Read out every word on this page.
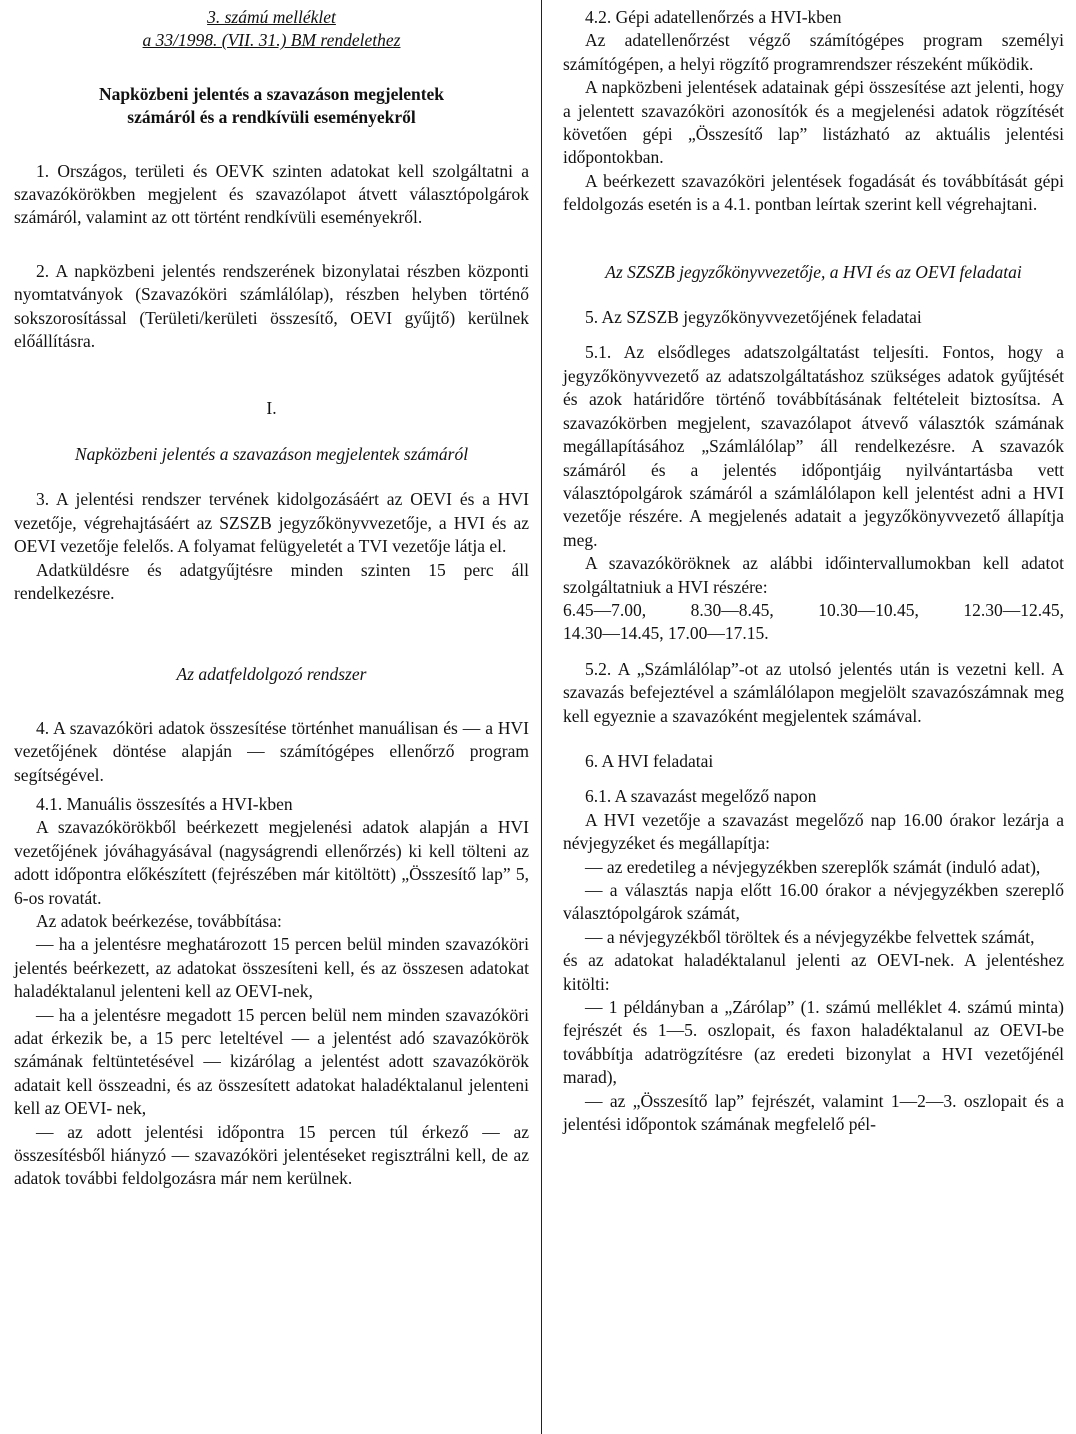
3. számú melléklet

a 33/1998. (VII. 31.) BM rendelethez

Napközbeni jelentés a szavazáson megjelentek számáról és a rendkívüli eseményekről

1. Országos, területi és OEVK szinten adatokat kell szolgáltatni a szavazókörökben megjelent és szavazólapot átvett választópolgárok számáról, valamint az ott történt rendkívüli eseményekről.

2. A napközbeni jelentés rendszerének bizonylatai részben központi nyomtatványok (Szavazóköri számlálólap), részben helyben történő sokszorosítással (Területi/kerületi összesítő, OEVI gyűjtő) kerülnek előállításra.

I.

Napközbeni jelentés a szavazáson megjelentek számáról

3. A jelentési rendszer tervének kidolgozásáért az OEVI és a HVI vezetője, végrehajtásáért az SZSZB jegyzőkönyvvezetője, a HVI és az OEVI vezetője felelős. A folyamat felügyeletét a TVI vezetője látja el.

Adatküldésre és adatgyűjtésre minden szinten 15 perc áll rendelkezésre.

Az adatfeldolgozó rendszer

4. A szavazóköri adatok összesítése történhet manuálisan és — a HVI vezetőjének döntése alapján — számítógépes ellenőrző program segítségével.

4.1. Manuális összesítés a HVI-kben

A szavazókörökből beérkezett megjelenési adatok alapján a HVI vezetőjének jóváhagyásával (nagyságrendi ellenőrzés) ki kell tölteni az adott időpontra előkészített (fejrészében már kitöltött) „Összesítő lap” 5, 6-os rovatát.

Az adatok beérkezése, továbbítása:

— ha a jelentésre meghatározott 15 percen belül minden szavazóköri jelentés beérkezett, az adatokat összesíteni kell, és az összesen adatokat haladéktalanul jelenteni kell az OEVI-nek,

— ha a jelentésre megadott 15 percen belül nem minden szavazóköri adat érkezik be, a 15 perc leteltével — a jelentést adó szavazókörök számának feltüntetésével — kizárólag a jelentést adott szavazókörök adatait kell összeadni, és az összesített adatokat haladéktalanul jelenteni kell az OEVI- nek,

— az adott jelentési időpontra 15 percen túl érkező — az összesítésből hiányzó — szavazóköri jelentéseket regisztrálni kell, de az adatok további feldolgozásra már nem kerülnek.

4.2. Gépi adatellenőrzés a HVI-kben

Az adatellenőrzést végző számítógépes program személyi számítógépen, a helyi rögzítő programrendszer részeként működik.

A napközbeni jelentések adatainak gépi összesítése azt jelenti, hogy a jelentett szavazóköri azonosítók és a megjelenési adatok rögzítését követően gépi „Összesítő lap” listázható az aktuális jelentési időpontokban.

A beérkezett szavazóköri jelentések fogadását és továbbítását gépi feldolgozás esetén is a 4.1. pontban leírtak szerint kell végrehajtani.

Az SZSZB jegyzőkönyvvezetője, a HVI és az OEVI feladatai

5. Az SZSZB jegyzőkönyvvezetőjének feladatai

5.1. Az elsődleges adatszolgáltatást teljesíti. Fontos, hogy a jegyzőkönyvvezető az adatszolgáltatáshoz szükséges adatok gyűjtését és azok határidőre történő továbbításának feltételeit biztosítsa. A szavazókörben megjelent, szavazólapot átvevő választók számának megállapításához „Számlálólap” áll rendelkezésre. A szavazók számáról és a jelentés időpontjáig nyilvántartásba vett választópolgárok számáról a számlálólapon kell jelentést adni a HVI vezetője részére. A megjelenés adatait a jegyzőkönyvvezető állapítja meg.

A szavazóköröknek az alábbi időintervallumokban kell adatot szolgáltatniuk a HVI részére:

6.45—7.00,	8.30—8.45,	10.30—10.45,	12.30—12.45,

14.30—14.45, 17.00—17.15.

5.2. A „Számlálólap”-ot az utolsó jelentés után is vezetni kell. A szavazás befejeztével a számlálólapon megjelölt szavazószámnak meg kell egyeznie a szavazóként megjelentek számával.

6. A HVI feladatai

6.1. A szavazást megelőző napon

A HVI vezetője a szavazást megelőző nap 16.00 órakor lezárja a névjegyzéket és megállapítja:

— az eredetileg a névjegyzékben szereplők számát (induló adat),

— a választás napja előtt 16.00 órakor a névjegyzékben szereplő választópolgárok számát,

— a névjegyzékből töröltek és a névjegyzékbe felvettek számát,

és az adatokat haladéktalanul jelenti az OEVI-nek. A jelentéshez kitölti:

— 1 példányban a „Zárólap” (1. számú melléklet 4. számú minta) fejrészét és 1—5. oszlopait, és faxon haladéktalanul az OEVI-be továbbítja adatrögzítésre (az eredeti bizonylat a HVI vezetőjénél marad),

— az „Összesítő lap” fejrészét, valamint 1—2—3. oszlopait és a jelentési időpontok számának megfelelő pél-
